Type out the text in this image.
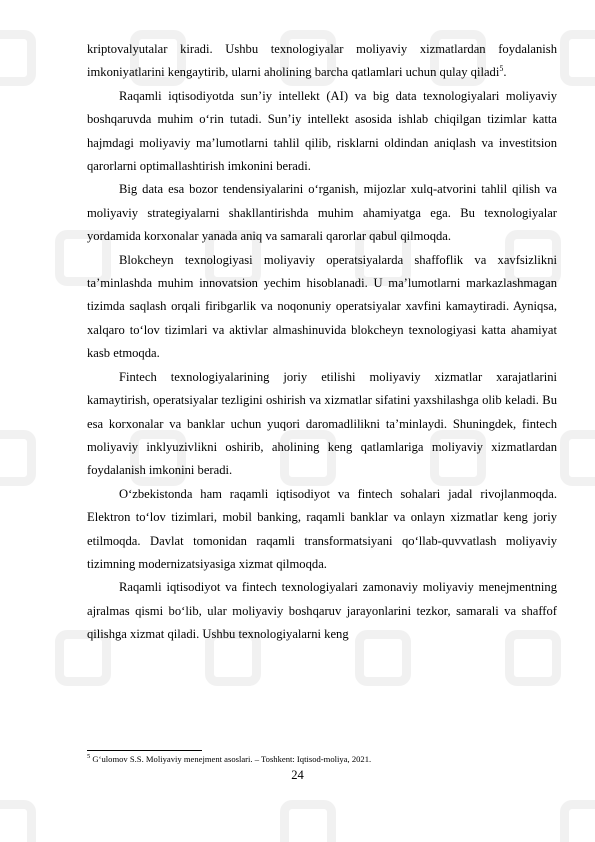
kriptovalyutalar kiradi. Ushbu texnologiyalar moliyaviy xizmatlardan foydalanish imkoniyatlarini kengaytirib, ularni aholining barcha qatlamlari uchun qulay qiladi$^5$.

Raqamli iqtisodiyotda sun’iy intellekt (AI) va big data texnologiyalari moliyaviy boshqaruvda muhim o‘rin tutadi. Sun’iy intellekt asosida ishlab chiqilgan tizimlar katta hajmdagi moliyaviy ma’lumotlarni tahlil qilib, risklarni oldindan aniqlash va investitsion qarorlarni optimallashtirish imkonini beradi.

Big data esa bozor tendensiyalarini o‘rganish, mijozlar xulq-atvorini tahlil qilish va moliyaviy strategiyalarni shakllantirishda muhim ahamiyatga ega. Bu texnologiyalar yordamida korxonalar yanada aniq va samarali qarorlar qabul qilmoqda.

Blokcheyn texnologiyasi moliyaviy operatsiyalarda shaffoflik va xavfsizlikni ta’minlashda muhim innovatsion yechim hisoblanadi. U ma’lumotlarni markazlashmagan tizimda saqlash orqali firibgarlik va noqonuniy operatsiyalar xavfini kamaytiradi. Ayniqsa, xalqaro to‘lov tizimlari va aktivlar almashinuvida blokcheyn texnologiyasi katta ahamiyat kasb etmoqda.

Fintech texnologiyalarining joriy etilishi moliyaviy xizmatlar xarajatlarini kamaytirish, operatsiyalar tezligini oshirish va xizmatlar sifatini yaxshilashga olib keladi. Bu esa korxonalar va banklar uchun yuqori daromadlilikni ta’minlaydi. Shuningdek, fintech moliyaviy inklyuzivlikni oshirib, aholining keng qatlamlariga moliyaviy xizmatlardan foydalanish imkonini beradi.

O‘zbekistonda ham raqamli iqtisodiyot va fintech sohalari jadal rivojlanmoqda. Elektron to‘lov tizimlari, mobil banking, raqamli banklar va onlayn xizmatlar keng joriy etilmoqda. Davlat tomonidan raqamli transformatsiyani qo‘llab-quvvatlash moliyaviy tizimning modernizatsiyasiga xizmat qilmoqda.

Raqamli iqtisodiyot va fintech texnologiyalari zamonaviy moliyaviy menejmentning ajralmas qismi bo‘lib, ular moliyaviy boshqaruv jarayonlarini tezkor, samarali va shaffof qilishga xizmat qiladi. Ushbu texnologiyalarni keng

$^5$ G‘ulomov S.S. Moliyaviy menejment asoslari. – Toshkent: Iqtisod-moliya, 2021.

24
